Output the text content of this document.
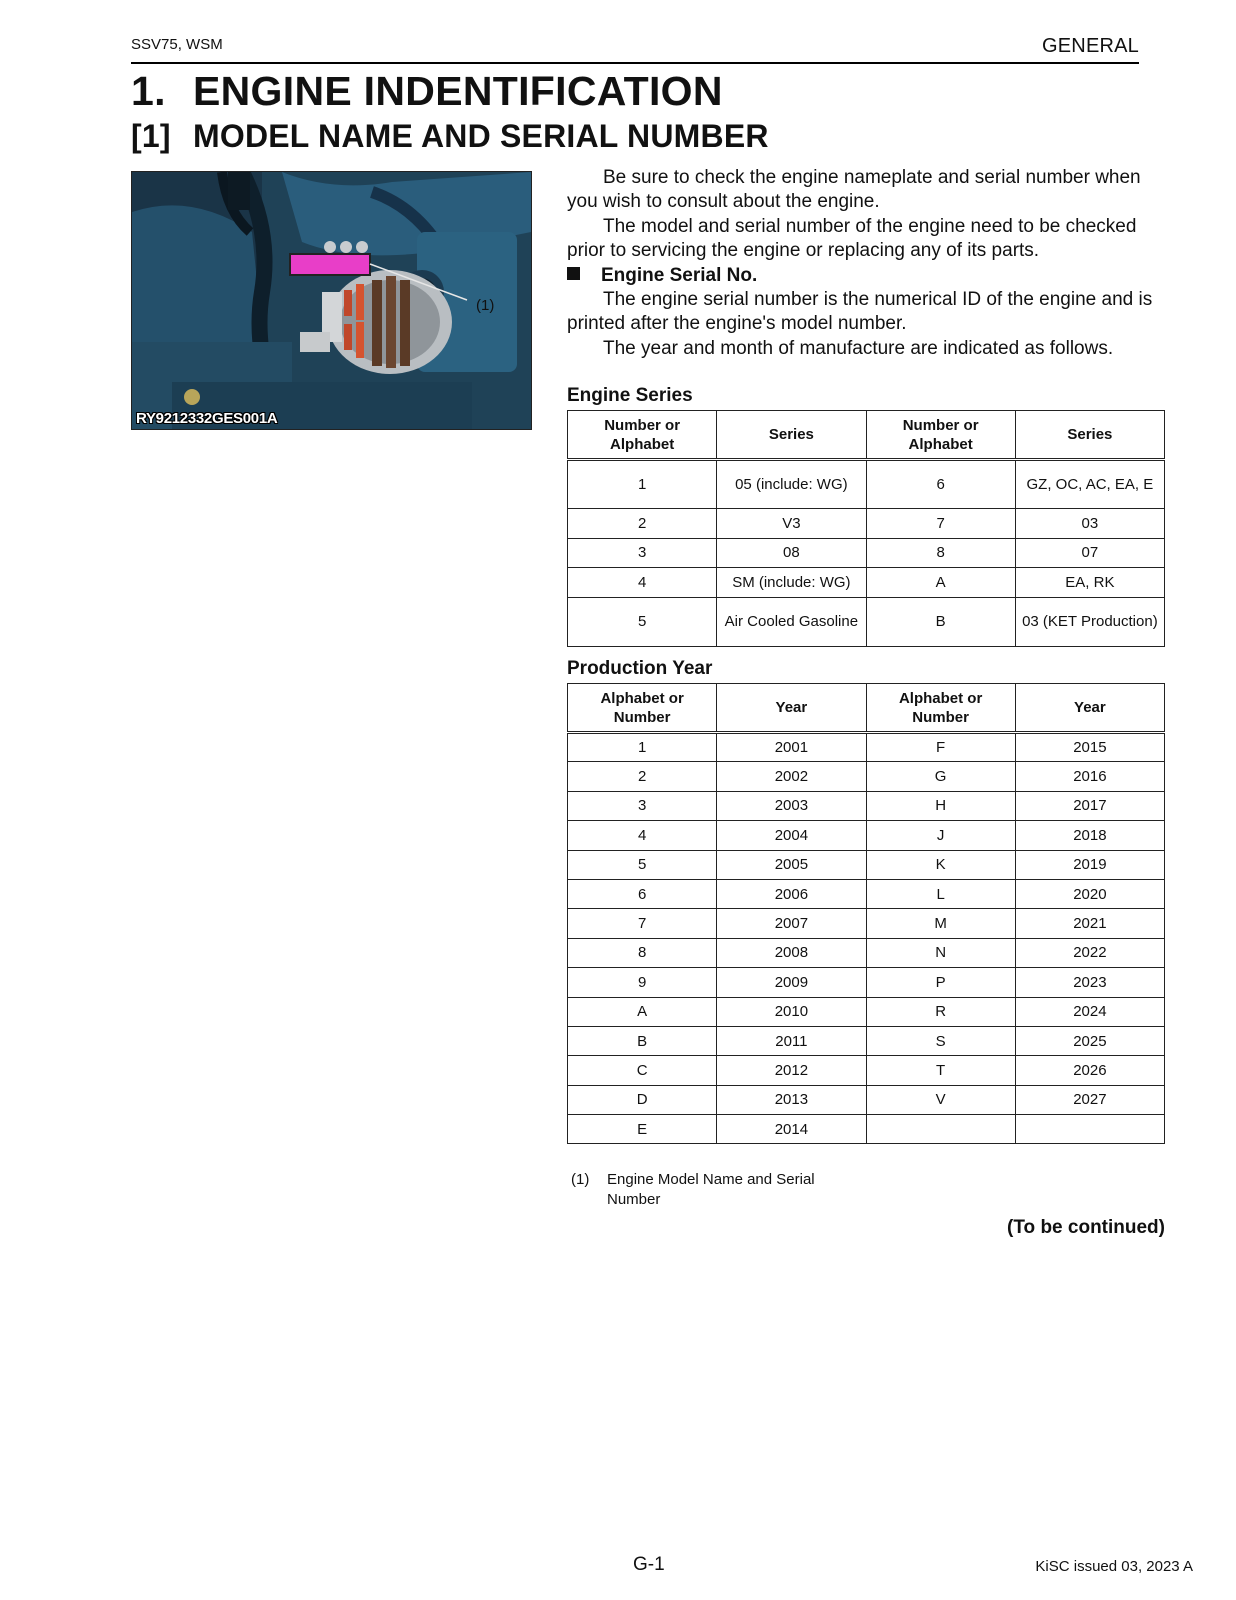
SSV75, WSM	GENERAL
1. ENGINE INDENTIFICATION
[1] MODEL NAME AND SERIAL NUMBER
RY9212332GES001A
(1)
Be sure to check the engine nameplate and serial number when you wish to consult about the engine.
The model and serial number of the engine need to be checked prior to servicing the engine or replacing any of its parts.
Engine Serial No.
The engine serial number is the numerical ID of the engine and is printed after the engine's model number.
The year and month of manufacture are indicated as follows.
Engine Series
Number or Alphabet	Series	Number or Alphabet	Series
1	05 (include: WG)	6	GZ, OC, AC, EA, E
2	V3	7	03
3	08	8	07
4	SM (include: WG)	A	EA, RK
5	Air Cooled Gasoline	B	03 (KET Production)
Production Year
Alphabet or Number	Year	Alphabet or Number	Year
1	2001	F	2015
2	2002	G	2016
3	2003	H	2017
4	2004	J	2018
5	2005	K	2019
6	2006	L	2020
7	2007	M	2021
8	2008	N	2022
9	2009	P	2023
A	2010	R	2024
B	2011	S	2025
C	2012	T	2026
D	2013	V	2027
E	2014		
(1) Engine Model Name and Serial Number
(To be continued)
G-1	KiSC issued 03, 2023 A
